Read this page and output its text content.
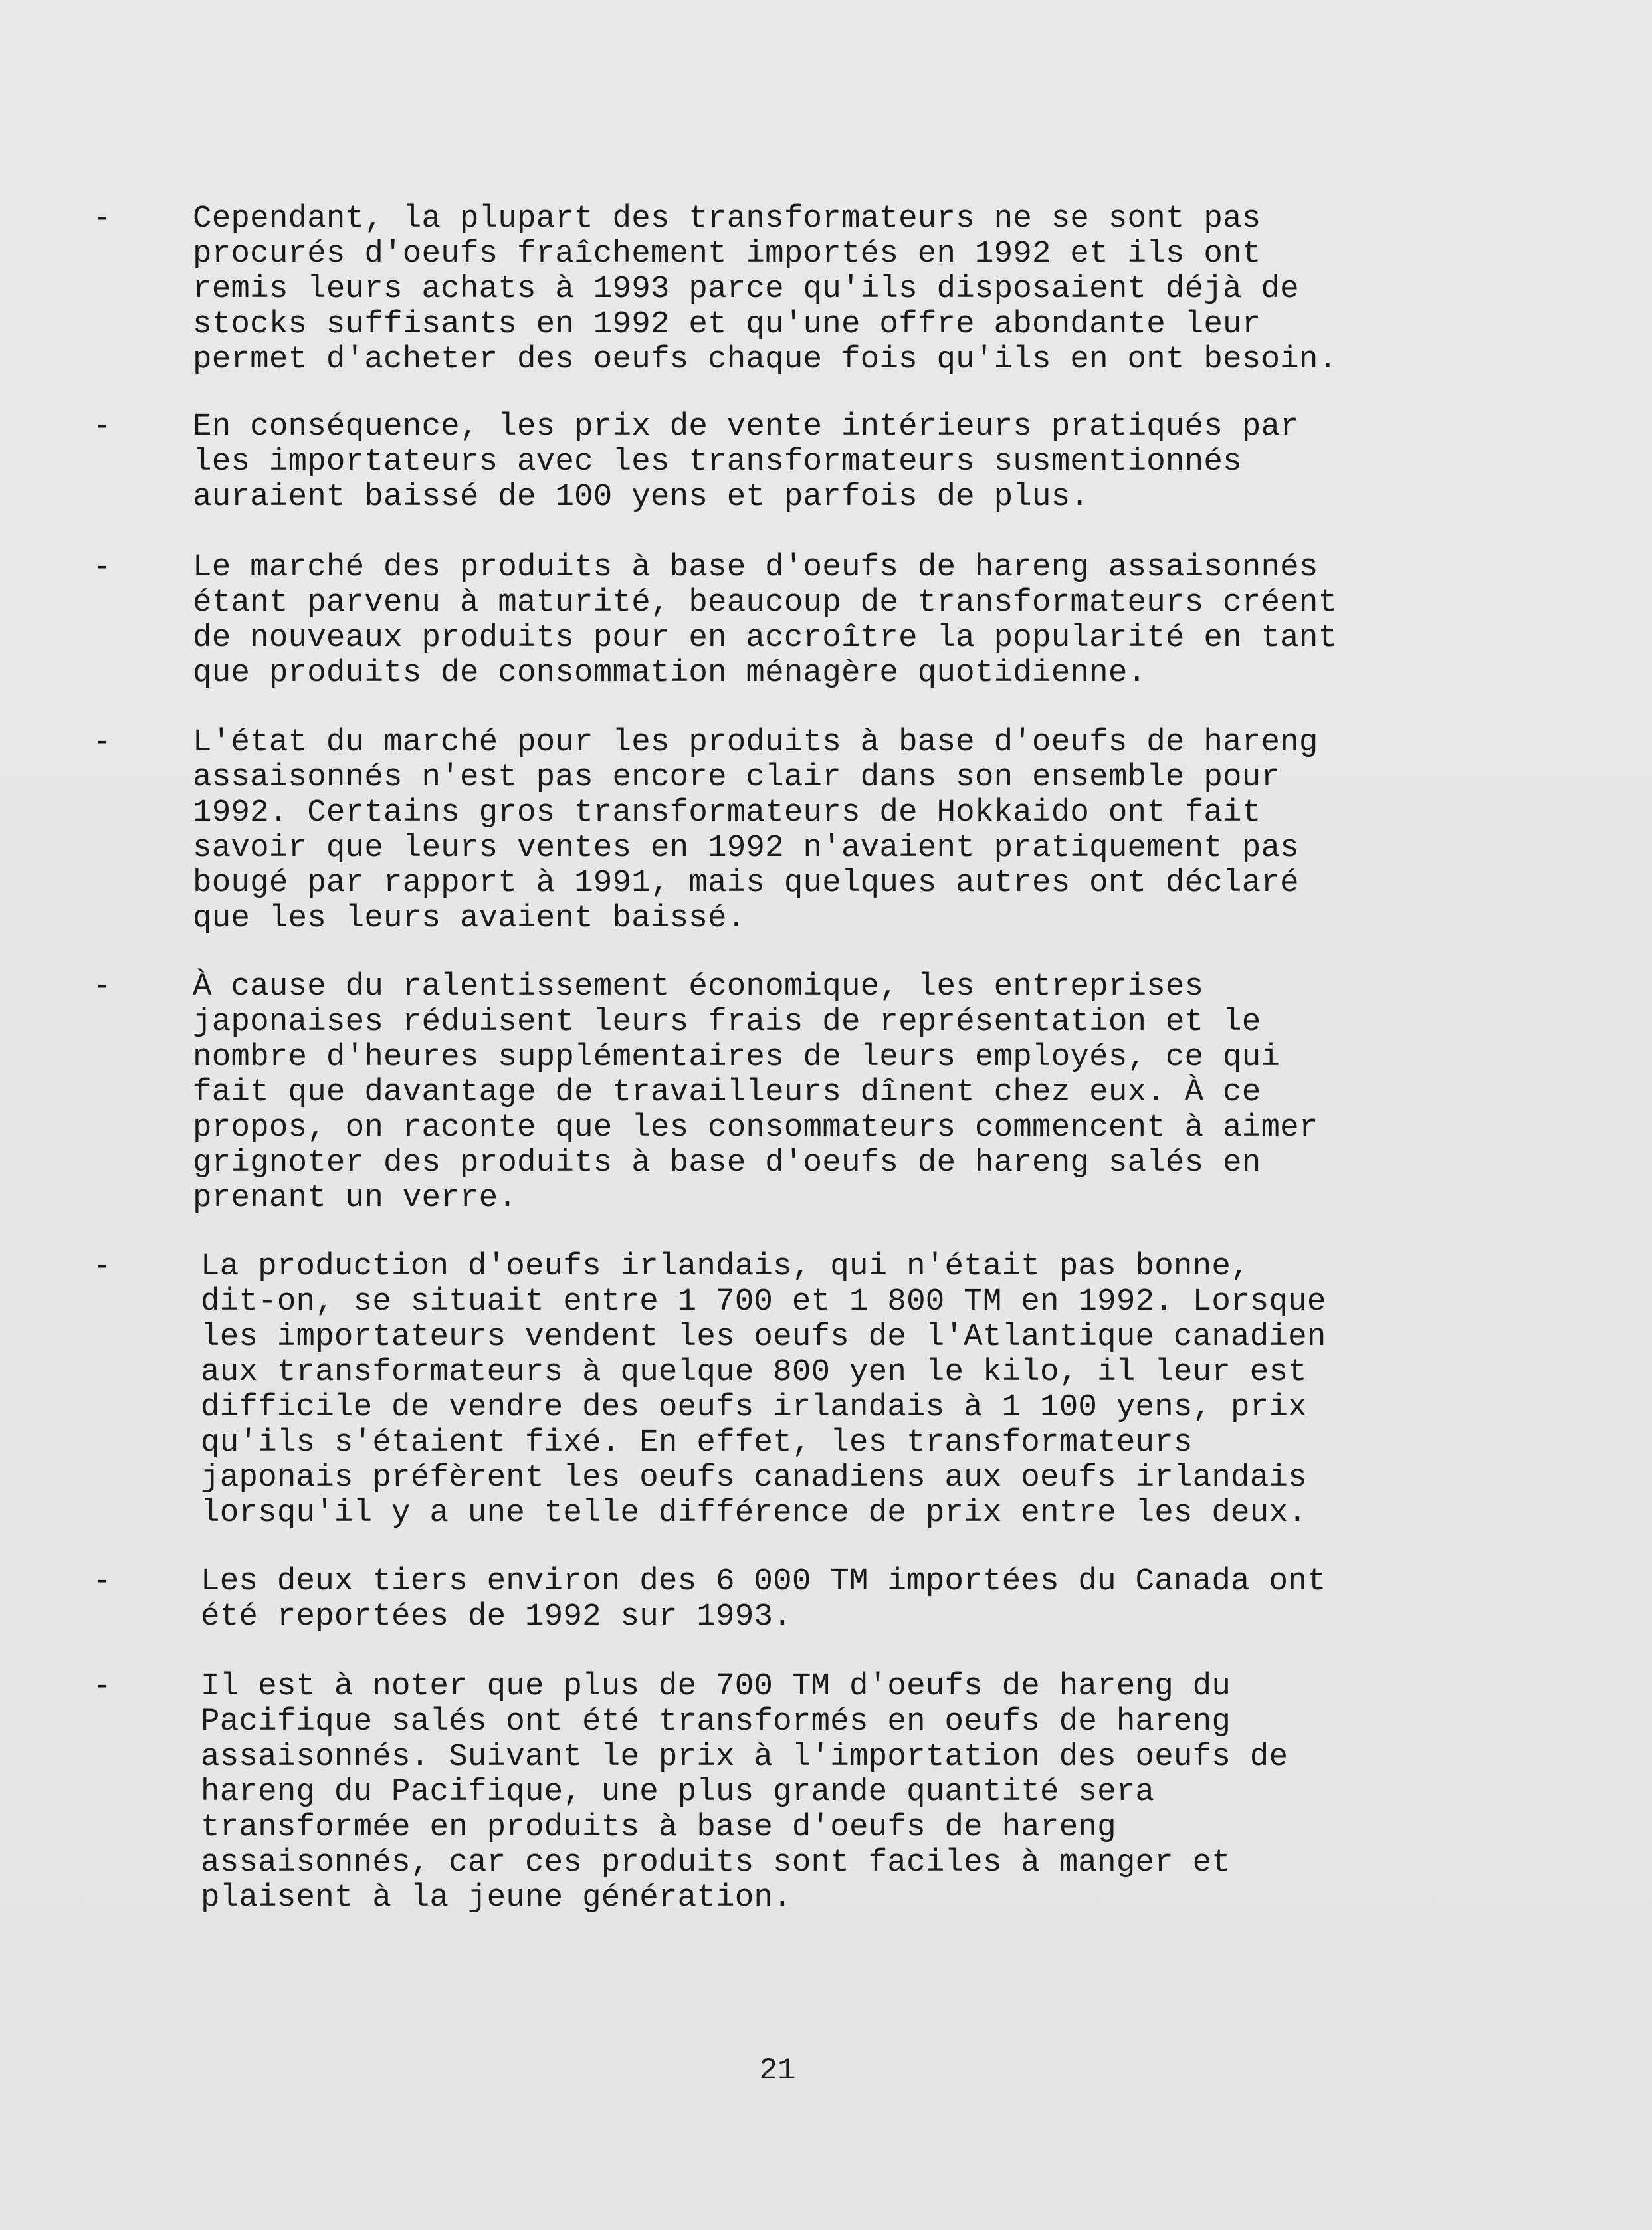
-	Cependant, la plupart des transformateurs ne se sont pas
procurés d'oeufs fraîchement importés en 1992 et ils ont
remis leurs achats à 1993 parce qu'ils disposaient déjà de
stocks suffisants en 1992 et qu'une offre abondante leur
permet d'acheter des oeufs chaque fois qu'ils en ont besoin.
-	En conséquence, les prix de vente intérieurs pratiqués par
les importateurs avec les transformateurs susmentionnés
auraient baissé de 100 yens et parfois de plus.
-	Le marché des produits à base d'oeufs de hareng assaisonnés
étant parvenu à maturité, beaucoup de transformateurs créent
de nouveaux produits pour en accroître la popularité en tant
que produits de consommation ménagère quotidienne.
-	L'état du marché pour les produits à base d'oeufs de hareng
assaisonnés n'est pas encore clair dans son ensemble pour
1992. Certains gros transformateurs de Hokkaido ont fait
savoir que leurs ventes en 1992 n'avaient pratiquement pas
bougé par rapport à 1991, mais quelques autres ont déclaré
que les leurs avaient baissé.
-	À cause du ralentissement économique, les entreprises
japonaises réduisent leurs frais de représentation et le
nombre d'heures supplémentaires de leurs employés, ce qui
fait que davantage de travailleurs dînent chez eux. À ce
propos, on raconte que les consommateurs commencent à aimer
grignoter des produits à base d'oeufs de hareng salés en
prenant un verre.
-	La production d'oeufs irlandais, qui n'était pas bonne,
dit-on, se situait entre 1 700 et 1 800 TM en 1992. Lorsque
les importateurs vendent les oeufs de l'Atlantique canadien
aux transformateurs à quelque 800 yen le kilo, il leur est
difficile de vendre des oeufs irlandais à 1 100 yens, prix
qu'ils s'étaient fixé. En effet, les transformateurs
japonais préfèrent les oeufs canadiens aux oeufs irlandais
lorsqu'il y a une telle différence de prix entre les deux.
-	Les deux tiers environ des 6 000 TM importées du Canada ont
été reportées de 1992 sur 1993.
-	Il est à noter que plus de 700 TM d'oeufs de hareng du
Pacifique salés ont été transformés en oeufs de hareng
assaisonnés. Suivant le prix à l'importation des oeufs de
hareng du Pacifique, une plus grande quantité sera
transformée en produits à base d'oeufs de hareng
assaisonnés, car ces produits sont faciles à manger et
plaisent à la jeune génération.
21
